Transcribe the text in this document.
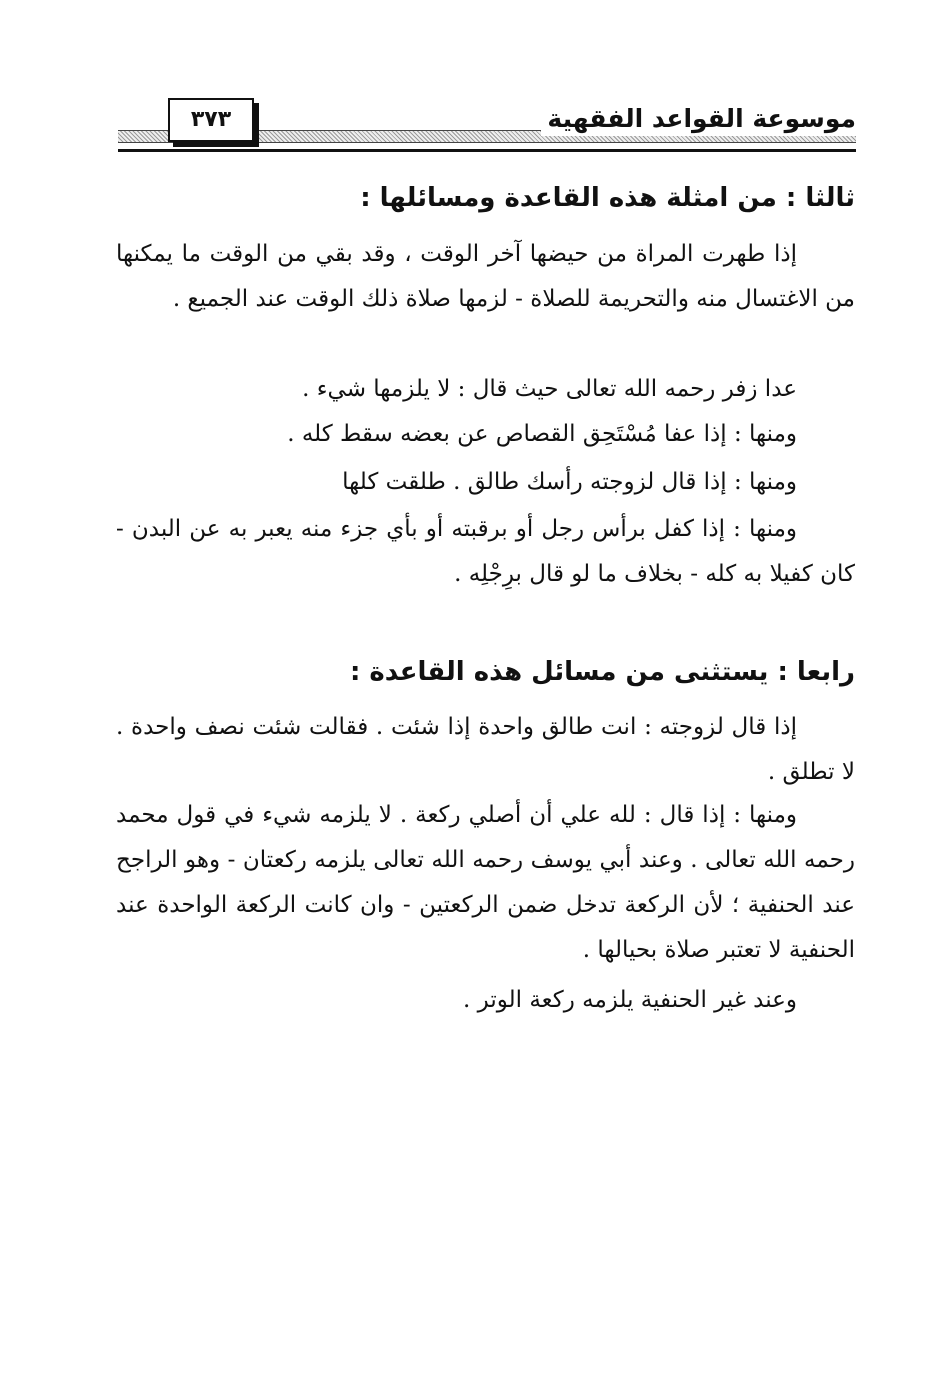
٣٧٣	موسوعة القواعد الفقهية
ثالثا : من امثلة هذه القاعدة ومسائلها :
إذا طهرت المراة من حيضها آخر الوقت ، وقد بقي من الوقت ما يمكنها من الاغتسال منه والتحريمة للصلاة - لزمها صلاة ذلك الوقت عند الجميع .
عدا زفر رحمه الله تعالى حيث قال : لا يلزمها شيء .
ومنها : إذا عفا مُسْتَحِق القصاص عن بعضه سقط كله .
ومنها : إذا قال لزوجته رأسك طالق . طلقت كلها
ومنها : إذا كفل برأس رجل أو برقبته أو بأي جزء منه يعبر به عن البدن - كان كفيلا به كله - بخلاف ما لو قال برِجْلِه .
رابعا : يستثنى من مسائل هذه القاعدة :
إذا قال لزوجته : انت طالق واحدة إذا شئت . فقالت شئت نصف واحدة . لا تطلق .
ومنها : إذا قال : لله علي أن أصلي ركعة . لا يلزمه شيء في قول محمد رحمه الله تعالى . وعند أبي يوسف رحمه الله تعالى يلزمه ركعتان - وهو الراجح عند الحنفية ؛ لأن الركعة تدخل ضمن الركعتين - وان كانت الركعة الواحدة عند الحنفية لا تعتبر صلاة بحيالها .
وعند غير الحنفية يلزمه ركعة الوتر .
